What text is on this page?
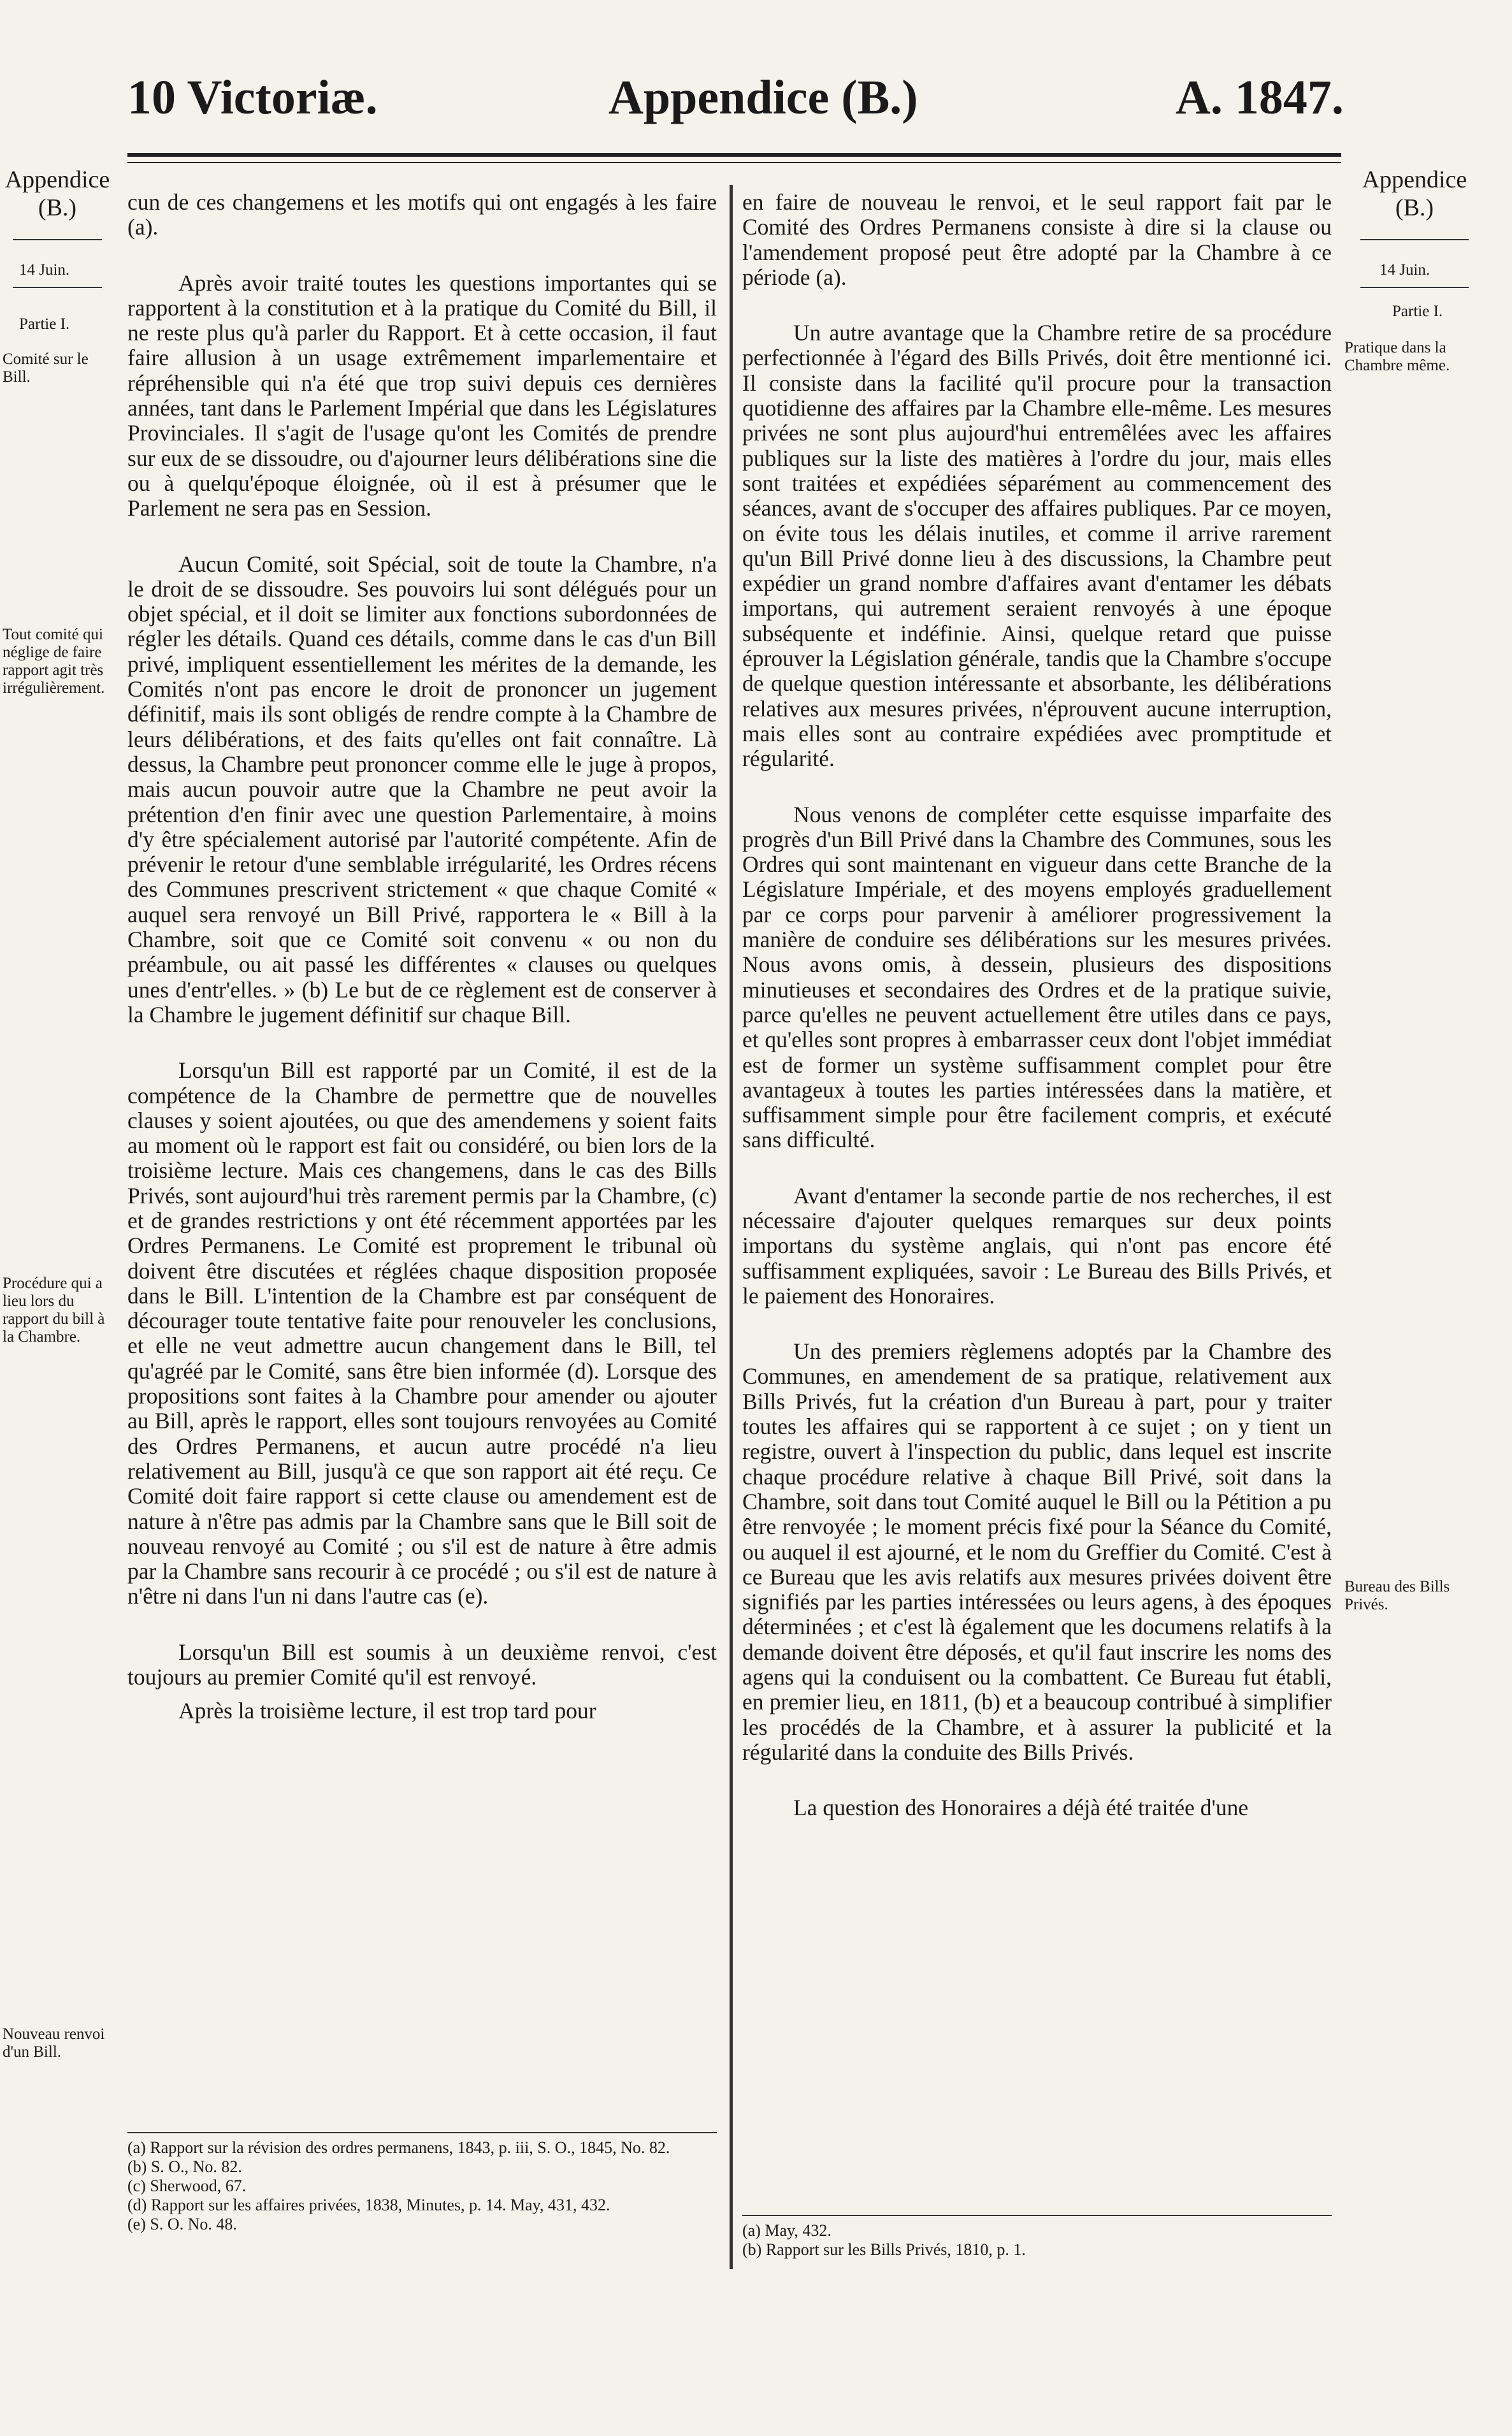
10 Victoriæ.	Appendice (B.)	A. 1847.
Appendice
(B.)
14 Juin.
Partie I.
Comité sur le Bill.
Tout comité qui néglige de faire rapport agit très irrégulièrement.
Procédure qui a lieu lors du rapport du bill à la Chambre.
Nouveau renvoi d'un Bill.
Appendice
(B.)
14 Juin.
Partie I.
Pratique dans la Chambre même.
Bureau des Bills Privés.

cun de ces changemens et les motifs qui ont engagés à les faire (a).

Après avoir traité toutes les questions importantes qui se rapportent à la constitution et à la pratique du Comité du Bill, il ne reste plus qu'à parler du Rapport. Et à cette occasion, il faut faire allusion à un usage extrêmement imparlementaire et répréhensible qui n'a été que trop suivi depuis ces dernières années, tant dans le Parlement Impérial que dans les Législatures Provinciales. Il s'agit de l'usage qu'ont les Comités de prendre sur eux de se dissoudre, ou d'ajourner leurs délibérations sine die ou à quelqu'époque éloignée, où il est à présumer que le Parlement ne sera pas en Session.

Aucun Comité, soit Spécial, soit de toute la Chambre, n'a le droit de se dissoudre. Ses pouvoirs lui sont délégués pour un objet spécial, et il doit se limiter aux fonctions subordonnées de régler les détails. Quand ces détails, comme dans le cas d'un Bill privé, impliquent essentiellement les mérites de la demande, les Comités n'ont pas encore le droit de prononcer un jugement définitif, mais ils sont obligés de rendre compte à la Chambre de leurs délibérations, et des faits qu'elles ont fait connaître. Là dessus, la Chambre peut prononcer comme elle le juge à propos, mais aucun pouvoir autre que la Chambre ne peut avoir la prétention d'en finir avec une question Parlementaire, à moins d'y être spécialement autorisé par l'autorité compétente. Afin de prévenir le retour d'une semblable irrégularité, les Ordres récens des Communes prescrivent strictement « que chaque Comité « auquel sera renvoyé un Bill Privé, rapportera le « Bill à la Chambre, soit que ce Comité soit convenu « ou non du préambule, ou ait passé les différentes « clauses ou quelques unes d'entr'elles. » (b) Le but de ce règlement est de conserver à la Chambre le jugement définitif sur chaque Bill.

Lorsqu'un Bill est rapporté par un Comité, il est de la compétence de la Chambre de permettre que de nouvelles clauses y soient ajoutées, ou que des amendemens y soient faits au moment où le rapport est fait ou considéré, ou bien lors de la troisième lecture. Mais ces changemens, dans le cas des Bills Privés, sont aujourd'hui très rarement permis par la Chambre, (c) et de grandes restrictions y ont été récemment apportées par les Ordres Permanens. Le Comité est proprement le tribunal où doivent être discutées et réglées chaque disposition proposée dans le Bill. L'intention de la Chambre est par conséquent de décourager toute tentative faite pour renouveler les conclusions, et elle ne veut admettre aucun changement dans le Bill, tel qu'agréé par le Comité, sans être bien informée (d). Lorsque des propositions sont faites à la Chambre pour amender ou ajouter au Bill, après le rapport, elles sont toujours renvoyées au Comité des Ordres Permanens, et aucun autre procédé n'a lieu relativement au Bill, jusqu'à ce que son rapport ait été reçu. Ce Comité doit faire rapport si cette clause ou amendement est de nature à n'être pas admis par la Chambre sans que le Bill soit de nouveau renvoyé au Comité ; ou s'il est de nature à être admis par la Chambre sans recourir à ce procédé ; ou s'il est de nature à n'être ni dans l'un ni dans l'autre cas (e).

Lorsqu'un Bill est soumis à un deuxième renvoi, c'est toujours au premier Comité qu'il est renvoyé.

Après la troisième lecture, il est trop tard pour

(a) Rapport sur la révision des ordres permanens, 1843, p. iii, S. O., 1845, No. 82.

(b) S. O., No. 82.

(c) Sherwood, 67.

(d) Rapport sur les affaires privées, 1838, Minutes, p. 14. May, 431, 432.

(e) S. O. No. 48.

en faire de nouveau le renvoi, et le seul rapport fait par le Comité des Ordres Permanens consiste à dire si la clause ou l'amendement proposé peut être adopté par la Chambre à ce période (a).

Un autre avantage que la Chambre retire de sa procédure perfectionnée à l'égard des Bills Privés, doit être mentionné ici. Il consiste dans la facilité qu'il procure pour la transaction quotidienne des affaires par la Chambre elle-même. Les mesures privées ne sont plus aujourd'hui entremêlées avec les affaires publiques sur la liste des matières à l'ordre du jour, mais elles sont traitées et expédiées séparément au commencement des séances, avant de s'occuper des affaires publiques. Par ce moyen, on évite tous les délais inutiles, et comme il arrive rarement qu'un Bill Privé donne lieu à des discussions, la Chambre peut expédier un grand nombre d'affaires avant d'entamer les débats importans, qui autrement seraient renvoyés à une époque subséquente et indéfinie. Ainsi, quelque retard que puisse éprouver la Législation générale, tandis que la Chambre s'occupe de quelque question intéressante et absorbante, les délibérations relatives aux mesures privées, n'éprouvent aucune interruption, mais elles sont au contraire expédiées avec promptitude et régularité.

Nous venons de compléter cette esquisse imparfaite des progrès d'un Bill Privé dans la Chambre des Communes, sous les Ordres qui sont maintenant en vigueur dans cette Branche de la Législature Impériale, et des moyens employés graduellement par ce corps pour parvenir à améliorer progressivement la manière de conduire ses délibérations sur les mesures privées. Nous avons omis, à dessein, plusieurs des dispositions minutieuses et secondaires des Ordres et de la pratique suivie, parce qu'elles ne peuvent actuellement être utiles dans ce pays, et qu'elles sont propres à embarrasser ceux dont l'objet immédiat est de former un système suffisamment complet pour être avantageux à toutes les parties intéressées dans la matière, et suffisamment simple pour être facilement compris, et exécuté sans difficulté.

Avant d'entamer la seconde partie de nos recherches, il est nécessaire d'ajouter quelques remarques sur deux points importans du système anglais, qui n'ont pas encore été suffisamment expliquées, savoir : Le Bureau des Bills Privés, et le paiement des Honoraires.

Un des premiers règlemens adoptés par la Chambre des Communes, en amendement de sa pratique, relativement aux Bills Privés, fut la création d'un Bureau à part, pour y traiter toutes les affaires qui se rapportent à ce sujet ; on y tient un registre, ouvert à l'inspection du public, dans lequel est inscrite chaque procédure relative à chaque Bill Privé, soit dans la Chambre, soit dans tout Comité auquel le Bill ou la Pétition a pu être renvoyée ; le moment précis fixé pour la Séance du Comité, ou auquel il est ajourné, et le nom du Greffier du Comité. C'est à ce Bureau que les avis relatifs aux mesures privées doivent être signifiés par les parties intéressées ou leurs agens, à des époques déterminées ; et c'est là également que les documens relatifs à la demande doivent être déposés, et qu'il faut inscrire les noms des agens qui la conduisent ou la combattent. Ce Bureau fut établi, en premier lieu, en 1811, (b) et a beaucoup contribué à simplifier les procédés de la Chambre, et à assurer la publicité et la régularité dans la conduite des Bills Privés.

La question des Honoraires a déjà été traitée d'une

(a) May, 432.

(b) Rapport sur les Bills Privés, 1810, p. 1.
